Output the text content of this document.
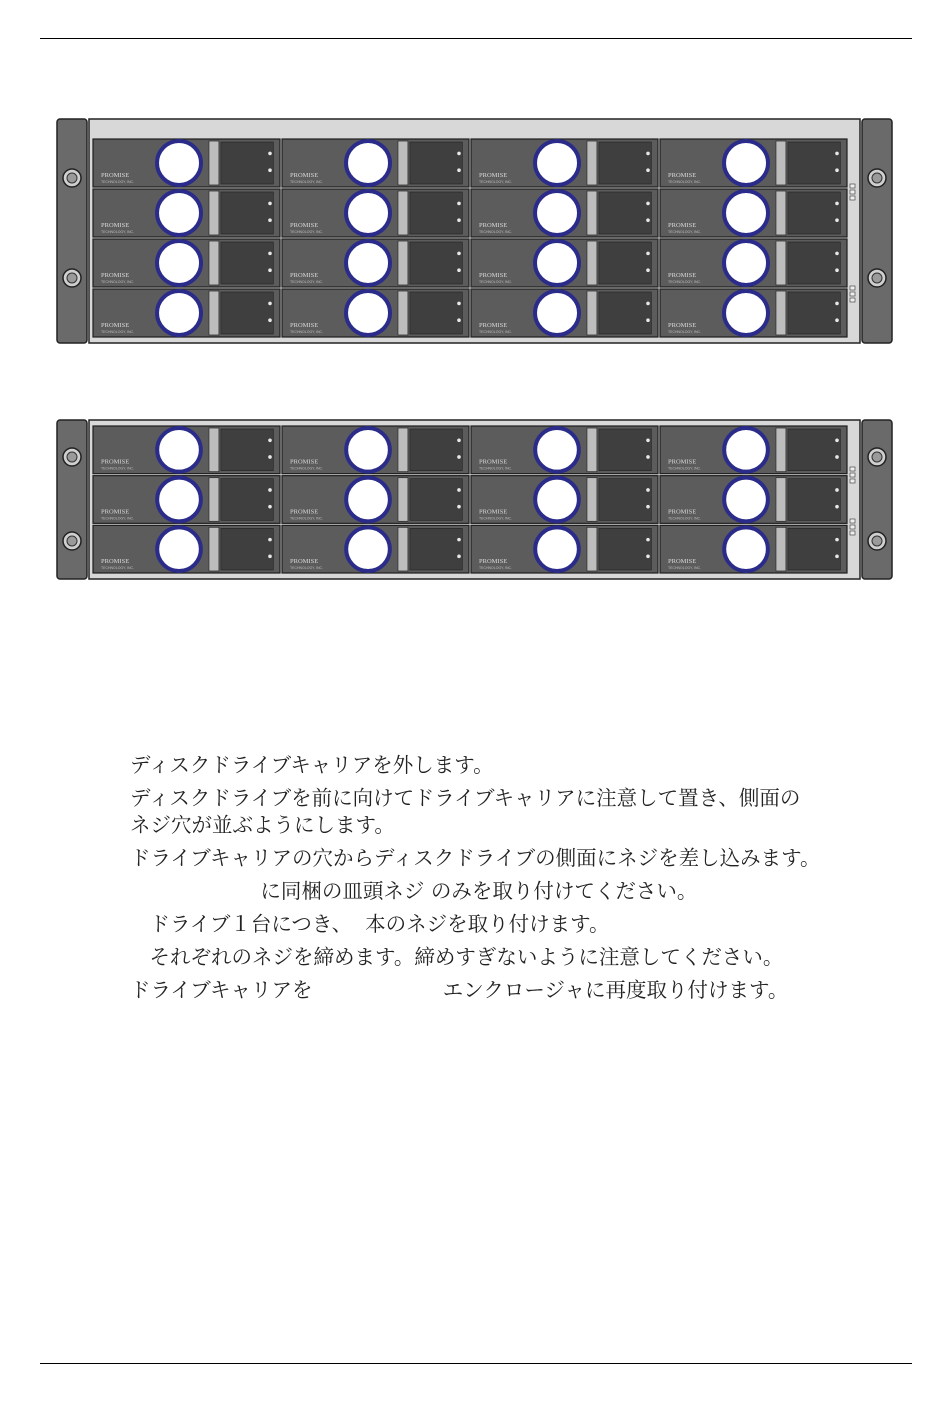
PROMISE
TECHNOLOGY, INC.
PROMISE
TECHNOLOGY, INC.
PROMISE
TECHNOLOGY, INC.
PROMISE
TECHNOLOGY, INC.
PROMISE
TECHNOLOGY, INC.
PROMISE
TECHNOLOGY, INC.
PROMISE
TECHNOLOGY, INC.
PROMISE
TECHNOLOGY, INC.
PROMISE
TECHNOLOGY, INC.
PROMISE
TECHNOLOGY, INC.
PROMISE
TECHNOLOGY, INC.
PROMISE
TECHNOLOGY, INC.
PROMISE
TECHNOLOGY, INC.
PROMISE
TECHNOLOGY, INC.
PROMISE
TECHNOLOGY, INC.
PROMISE
TECHNOLOGY, INC.
PROMISE
TECHNOLOGY, INC.
PROMISE
TECHNOLOGY, INC.
PROMISE
TECHNOLOGY, INC.
PROMISE
TECHNOLOGY, INC.
PROMISE
TECHNOLOGY, INC.
PROMISE
TECHNOLOGY, INC.
PROMISE
TECHNOLOGY, INC.
PROMISE
TECHNOLOGY, INC.
PROMISE
TECHNOLOGY, INC.
PROMISE
TECHNOLOGY, INC.
PROMISE
TECHNOLOGY, INC.
PROMISE
TECHNOLOGY, INC.
ディスクドライブキャリアを外します。
ディスクドライブを前に向けてドライブキャリアに注意して置き、側面の
ネジ穴が並ぶようにします。
ドライブキャリアの穴からディスクドライブの側面にネジを差し込みます。
に同梱の皿頭ネジ のみを取り付けてください。
ドライブ１台につき、  本のネジを取り付けます。
それぞれのネジを締めます。締めすぎないように注意してください。
ドライブキャリアを                    エンクロージャに再度取り付けます。
